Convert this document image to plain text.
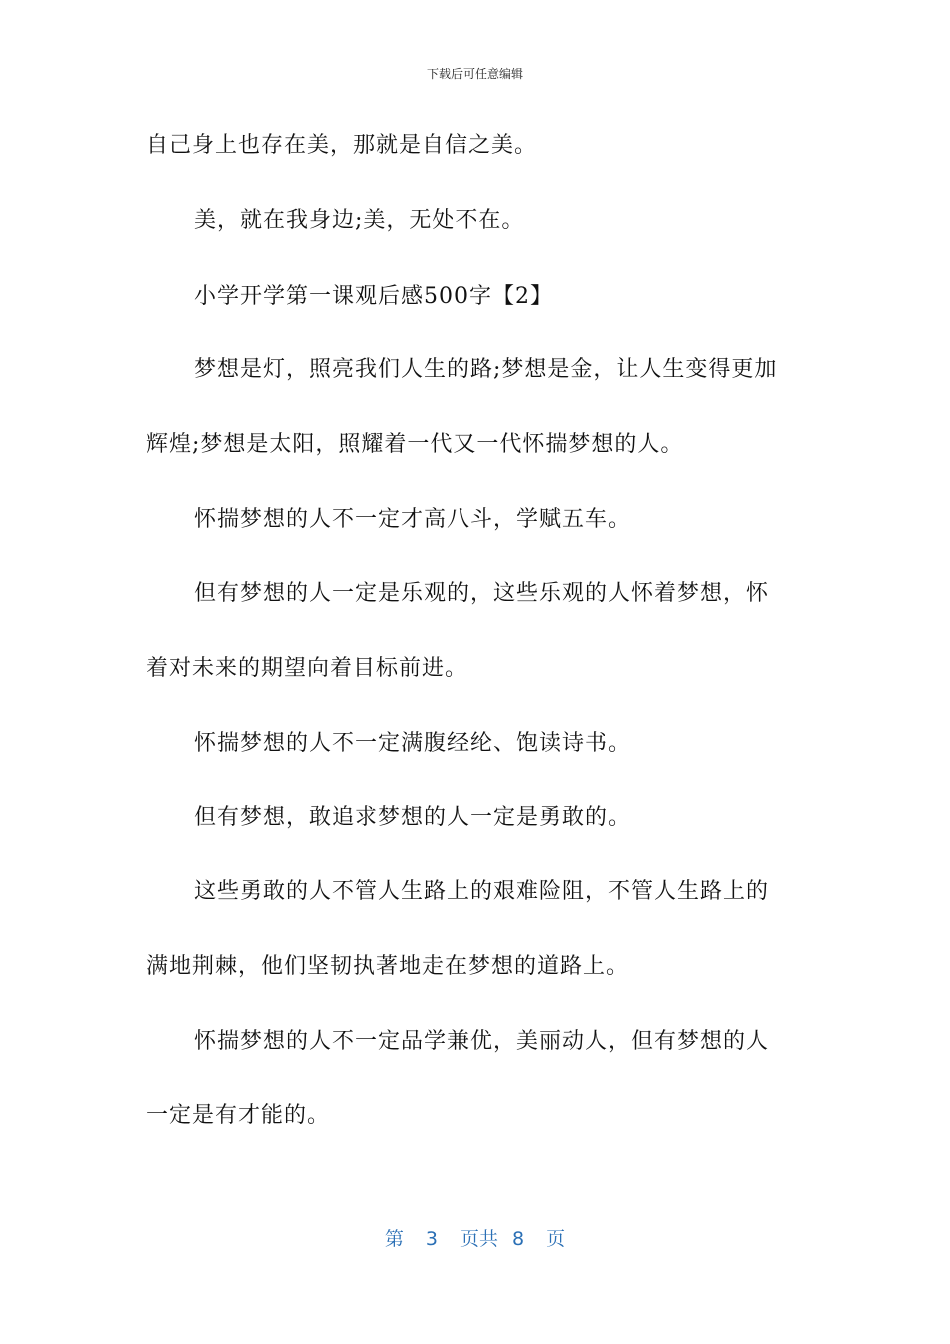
下载后可任意编辑
自己身上也存在美，那就是自信之美。
美，就在我身边;美，无处不在。
小学开学第一课观后感500字【2】
梦想是灯，照亮我们人生的路;梦想是金，让人生变得更加
辉煌;梦想是太阳，照耀着一代又一代怀揣梦想的人。
怀揣梦想的人不一定才高八斗，学赋五车。
但有梦想的人一定是乐观的，这些乐观的人怀着梦想，怀
着对未来的期望向着目标前进。
怀揣梦想的人不一定满腹经纶、饱读诗书。
但有梦想，敢追求梦想的人一定是勇敢的。
这些勇敢的人不管人生路上的艰难险阻，不管人生路上的
满地荆棘，他们坚韧执著地走在梦想的道路上。
怀揣梦想的人不一定品学兼优，美丽动人，但有梦想的人
一定是有才能的。
第 3 页共 8 页
